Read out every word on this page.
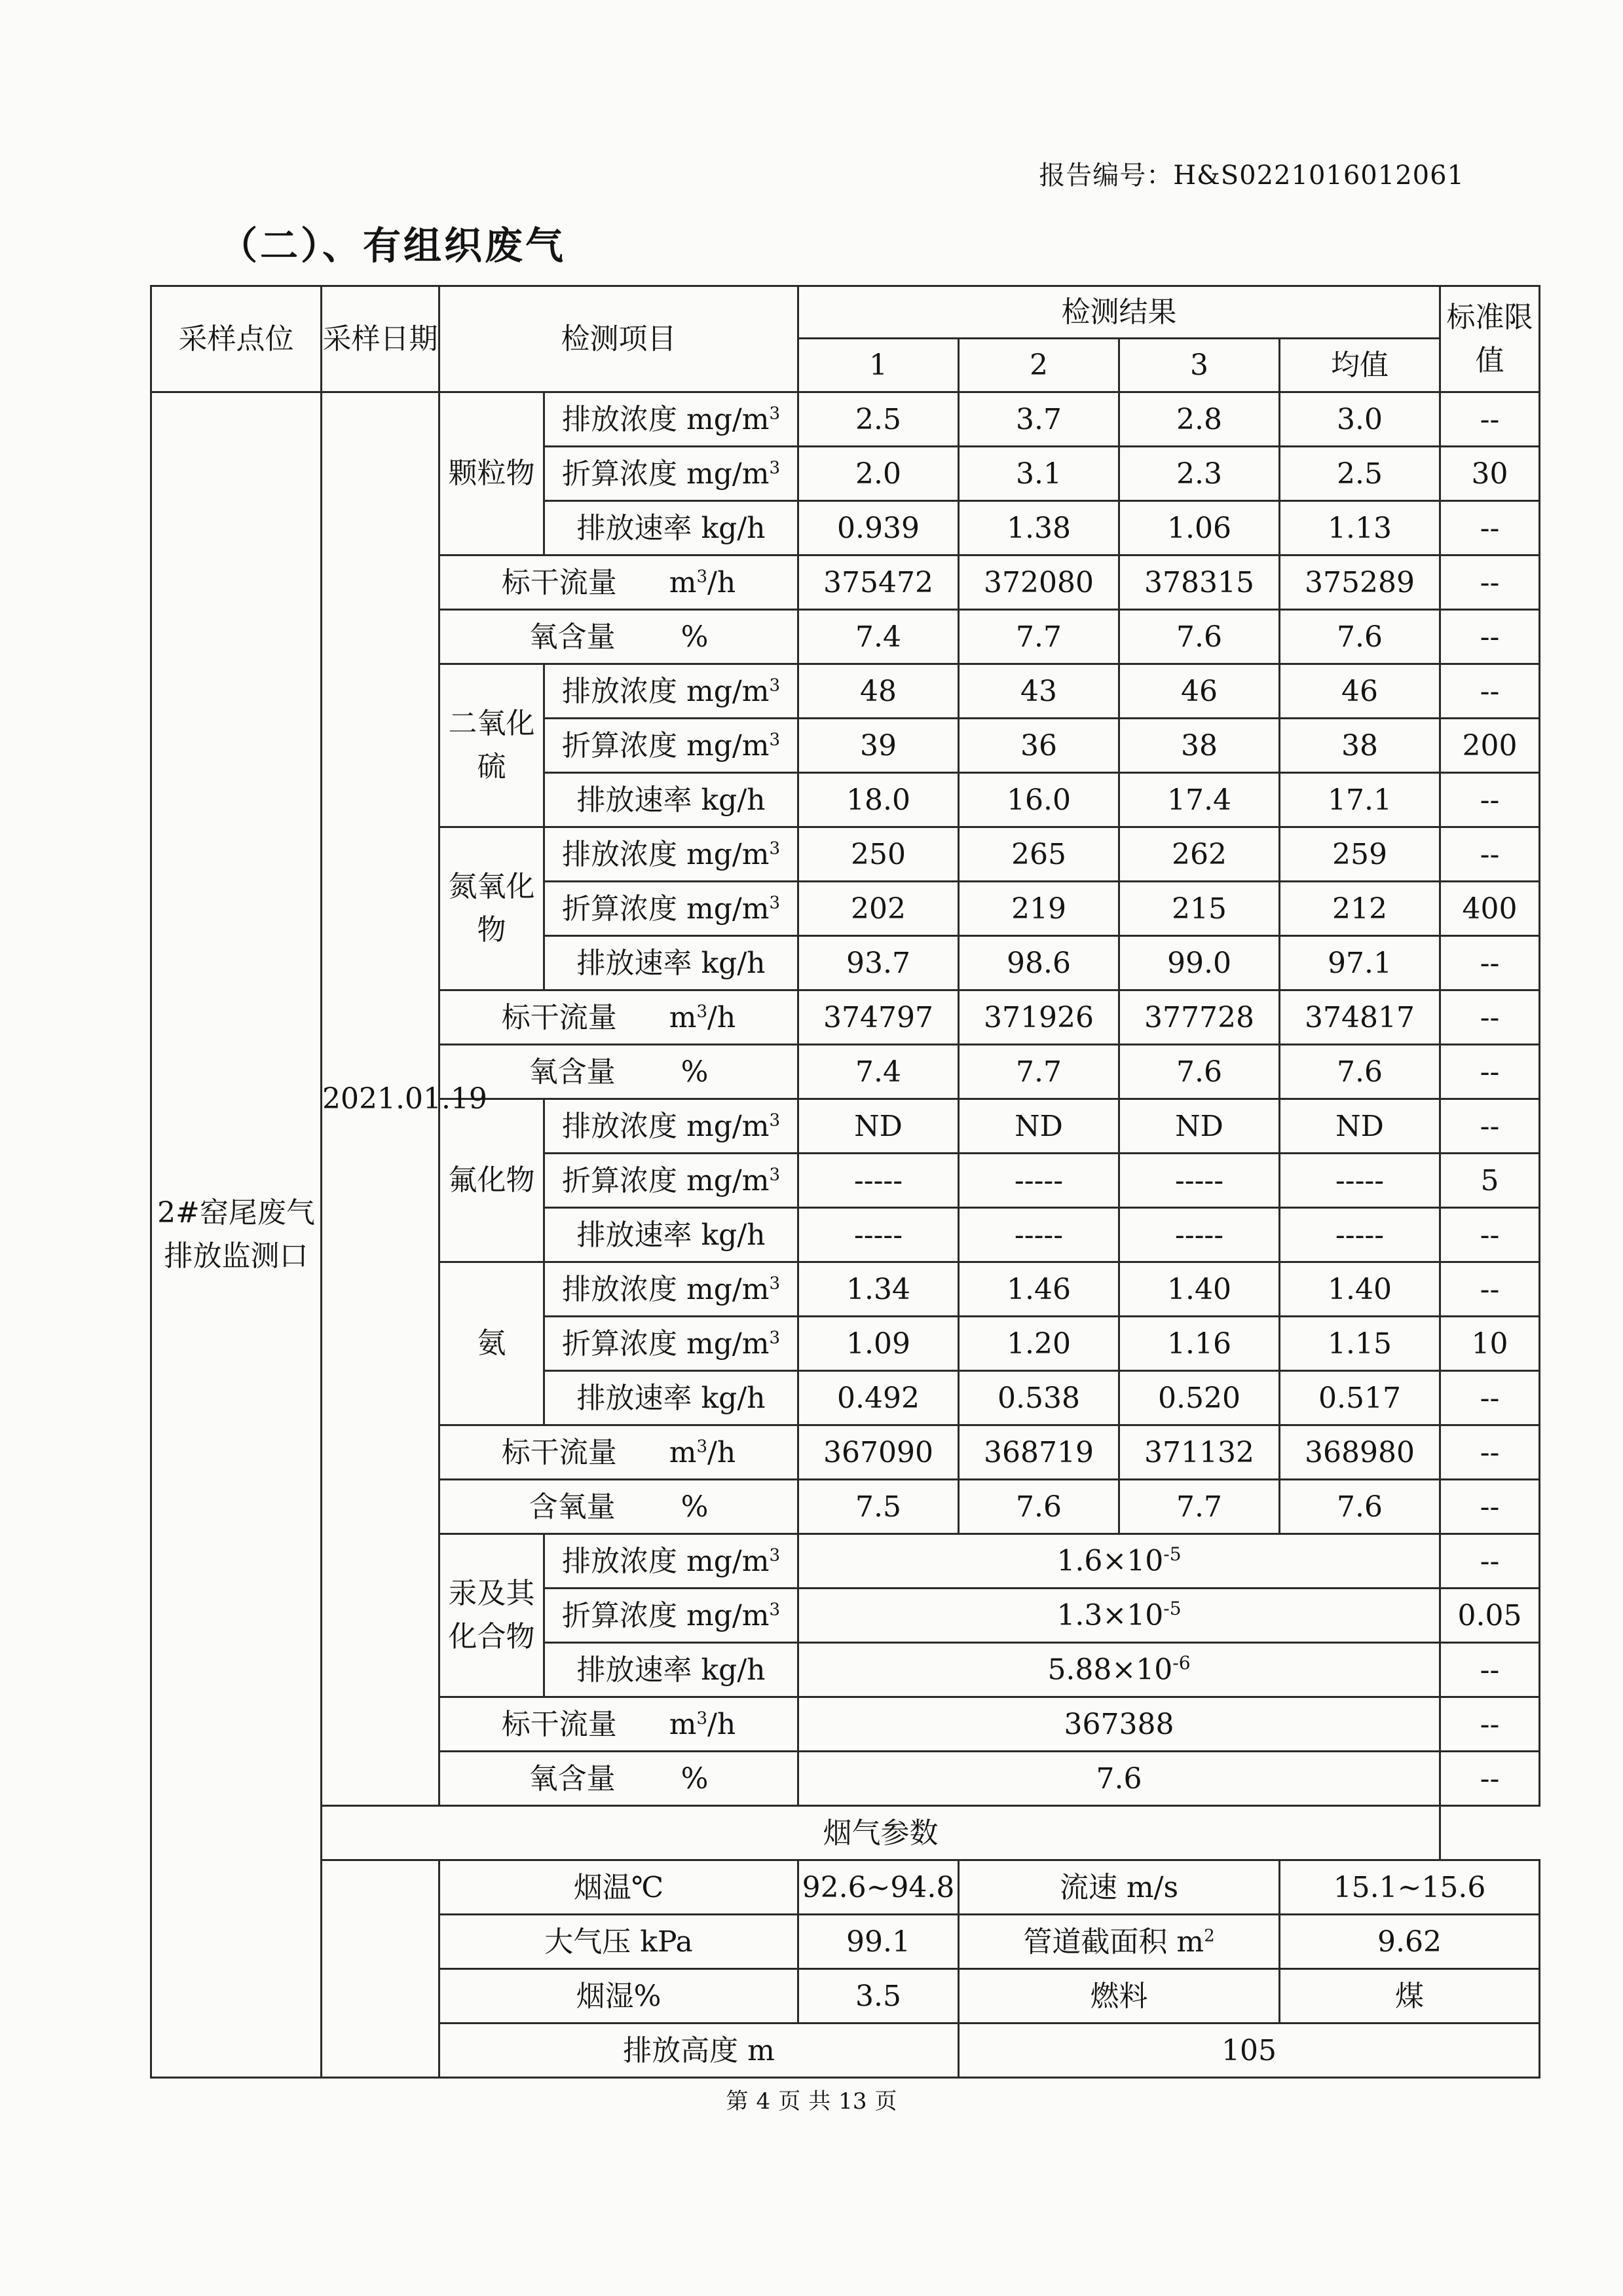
报告编号：H&S0221016012061
（二）、有组织废气
采样点位	采样日期	检测项目		检测结果				标准限值
				1	2	3	均值	
2#窑尾废气排放监测口	2021.01.19	颗粒物	排放浓度 $mg/m^3$	2.5	3.7	2.8	3.0	--
			折算浓度 $mg/m^3$	2.0	3.1	2.3	2.5	30
			排放速率 kg/h	0.939	1.38	1.06	1.13	--
		标干流量 $m^3/h$		375472	372080	378315	375289	--
		氧含量 %		7.4	7.7	7.6	7.6	--
		二氧化硫	排放浓度 $mg/m^3$	48	43	46	46	--
			折算浓度 $mg/m^3$	39	36	38	38	200
			排放速率 kg/h	18.0	16.0	17.4	17.1	--
		氮氧化物	排放浓度 $mg/m^3$	250	265	262	259	--
			折算浓度 $mg/m^3$	202	219	215	212	400
			排放速率 kg/h	93.7	98.6	99.0	97.1	--
		标干流量 $m^3/h$		374797	371926	377728	374817	--
		氧含量 %		7.4	7.7	7.6	7.6	--
		氟化物	排放浓度 $mg/m^3$	ND	ND	ND	ND	--
			折算浓度 $mg/m^3$	-----	-----	-----	-----	5
			排放速率 kg/h	-----	-----	-----	-----	--
		氨	排放浓度 $mg/m^3$	1.34	1.46	1.40	1.40	--
			折算浓度 $mg/m^3$	1.09	1.20	1.16	1.15	10
			排放速率 kg/h	0.492	0.538	0.520	0.517	--
		标干流量 $m^3/h$		367090	368719	371132	368980	--
		含氧量 %		7.5	7.6	7.7	7.6	--
		汞及其化合物	排放浓度 $mg/m^3$	$1.6\times 10^{-5}$				--
			折算浓度 $mg/m^3$	$1.3\times 10^{-5}$				0.05
			排放速率 kg/h	$5.88\times 10^{-6}$				--
		标干流量 $m^3/h$		367388				--
		氧含量 %		7.6				--
	烟气参数							
		烟温℃		92.6~94.8	流速 m/s		15.1~15.6	
		大气压 kPa		99.1	管道截面积 $m^2$		9.62	
		烟湿%		3.5	燃料		煤	
		排放高度 m			105			
第 4 页 共 13 页
